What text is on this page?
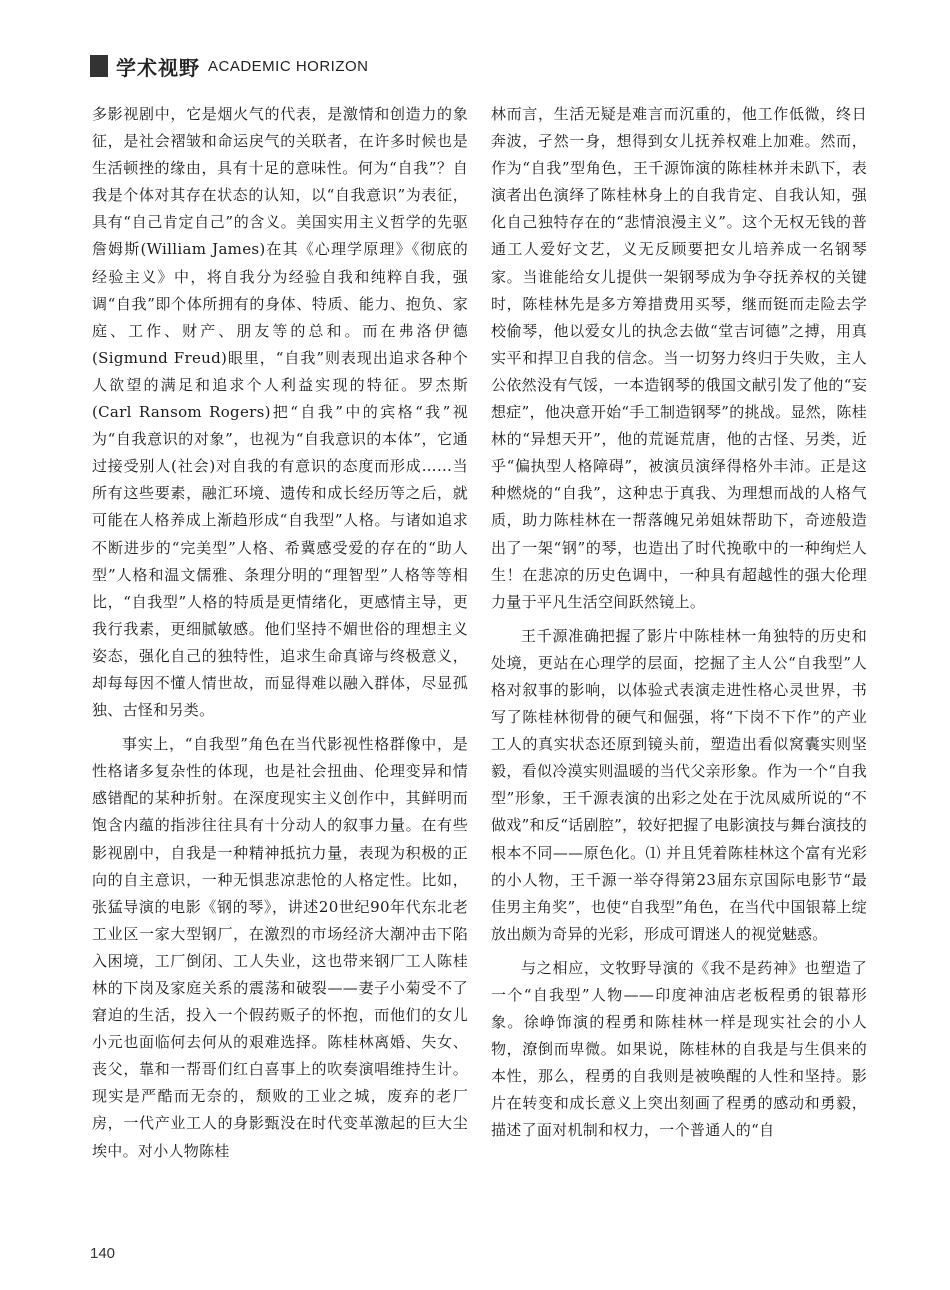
学术视野 ACADEMIC HORIZON

多影视剧中，它是烟火气的代表，是激情和创造力的象征，是社会褶皱和命运戾气的关联者，在许多时候也是生活顿挫的缘由，具有十足的意味性。何为“自我”？自我是个体对其存在状态的认知，以“自我意识”为表征，具有“自己肯定自己”的含义。美国实用主义哲学的先驱詹姆斯(William James)在其《心理学原理》《彻底的经验主义》中，将自我分为经验自我和纯粹自我，强调“自我”即个体所拥有的身体、特质、能力、抱负、家庭、工作、财产、朋友等的总和。而在弗洛伊德(Sigmund Freud)眼里，“自我”则表现出追求各种个人欲望的满足和追求个人利益实现的特征。罗杰斯(Carl Ransom Rogers)把“自我”中的宾格“我”视为“自我意识的对象”，也视为“自我意识的本体”，它通过接受别人(社会)对自我的有意识的态度而形成……当所有这些要素，融汇环境、遗传和成长经历等之后，就可能在人格养成上渐趋形成“自我型”人格。与诸如追求不断进步的“完美型”人格、希冀感受爱的存在的“助人型”人格和温文儒雅、条理分明的“理智型”人格等等相比，“自我型”人格的特质是更情绪化，更感情主导，更我行我素，更细腻敏感。他们坚持不媚世俗的理想主义姿态，强化自己的独特性，追求生命真谛与终极意义，却每每因不懂人情世故，而显得难以融入群体，尽显孤独、古怪和另类。

事实上，“自我型”角色在当代影视性格群像中，是性格诸多复杂性的体现，也是社会扭曲、伦理变异和情感错配的某种折射。在深度现实主义创作中，其鲜明而饱含内蕴的指涉往往具有十分动人的叙事力量。在有些影视剧中，自我是一种精神抵抗力量，表现为积极的正向的自主意识，一种无惧悲凉悲怆的人格定性。比如，张猛导演的电影《钢的琴》，讲述20世纪90年代东北老工业区一家大型钢厂，在激烈的市场经济大潮冲击下陷入困境，工厂倒闭、工人失业，这也带来钢厂工人陈桂林的下岗及家庭关系的震荡和破裂——妻子小菊受不了窘迫的生活，投入一个假药贩子的怀抱，而他们的女儿小元也面临何去何从的艰难选择。陈桂林离婚、失女、丧父，靠和一帮哥们红白喜事上的吹奏演唱维持生计。现实是严酷而无奈的，颓败的工业之城，废弃的老厂房，一代产业工人的身影甄没在时代变革激起的巨大尘埃中。对小人物陈桂

林而言，生活无疑是难言而沉重的，他工作低微，终日奔波，孑然一身，想得到女儿抚养权难上加难。然而，作为“自我”型角色，王千源饰演的陈桂林并未趴下，表演者出色演绎了陈桂林身上的自我肯定、自我认知，强化自己独特存在的“悲情浪漫主义”。这个无权无钱的普通工人爱好文艺，义无反顾要把女儿培养成一名钢琴家。当谁能给女儿提供一架钢琴成为争夺抚养权的关键时，陈桂林先是多方筹措费用买琴，继而铤而走险去学校偷琴，他以爱女儿的执念去做“堂吉诃德”之搏，用真实平和捍卫自我的信念。当一切努力终归于失败，主人公依然没有气馁，一本造钢琴的俄国文献引发了他的“妄想症”，他决意开始“手工制造钢琴”的挑战。显然，陈桂林的“异想天开”，他的荒诞荒唐，他的古怪、另类，近乎“偏执型人格障碍”，被演员演绎得格外丰沛。正是这种燃烧的“自我”，这种忠于真我、为理想而战的人格气质，助力陈桂林在一帮落魄兄弟姐妹帮助下，奇迹般造出了一架“钢”的琴，也造出了时代挽歌中的一种绚烂人生！在悲凉的历史色调中，一种具有超越性的强大伦理力量于平凡生活空间跃然镜上。

王千源准确把握了影片中陈桂林一角独特的历史和处境，更站在心理学的层面，挖掘了主人公“自我型”人格对叙事的影响，以体验式表演走进性格心灵世界，书写了陈桂林彻骨的硬气和倔强，将“下岗不下作”的产业工人的真实状态还原到镜头前，塑造出看似窝囊实则坚毅，看似冷漠实则温暖的当代父亲形象。作为一个“自我型”形象，王千源表演的出彩之处在于沈凤威所说的“不做戏”和反“话剧腔”，较好把握了电影演技与舞台演技的根本不同——原色化。⑴ 并且凭着陈桂林这个富有光彩的小人物，王千源一举夺得第23届东京国际电影节“最佳男主角奖”，也使“自我型”角色，在当代中国银幕上绽放出颇为奇异的光彩，形成可谓迷人的视觉魅惑。

与之相应，文牧野导演的《我不是药神》也塑造了一个“自我型”人物——印度神油店老板程勇的银幕形象。徐峥饰演的程勇和陈桂林一样是现实社会的小人物，潦倒而卑微。如果说，陈桂林的自我是与生俱来的本性，那么，程勇的自我则是被唤醒的人性和坚持。影片在转变和成长意义上突出刻画了程勇的感动和勇毅，描述了面对机制和权力，一个普通人的“自

140
